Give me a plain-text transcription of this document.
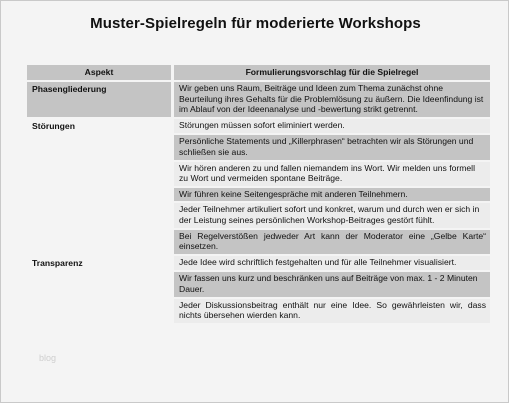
Muster-Spielregeln für moderierte Workshops
blog
Aspekt	Formulierungsvorschlag für die Spielregel
Phasengliederung	Wir geben uns Raum, Beiträge und Ideen zum Thema zunächst ohne Beurteilung ihres Gehalts für die Problemlösung zu äußern. Die Ideenfindung ist im Ablauf von der Ideenanalyse und -bewertung strikt getrennt.
Störungen	Störungen müssen sofort eliminiert werden.
	Persönliche Statements und „Killerphrasen“ betrachten wir als Störungen und schließen sie aus.
	Wir hören anderen zu und fallen niemandem ins Wort. Wir melden uns formell zu Wort und vermeiden spontane Beiträge.
	Wir führen keine Seitengespräche mit anderen Teilnehmern.
	Jeder Teilnehmer artikuliert sofort und konkret, warum und durch wen er sich in der Leistung seines persönlichen Workshop-Beitrages gestört fühlt.
	Bei Regelverstößen jedweder Art kann der Moderator eine „Gelbe Karte“ einsetzen.
Transparenz	Jede Idee wird schriftlich festgehalten und für alle Teilnehmer visualisiert.
	Wir fassen uns kurz und beschränken uns auf Beiträge von max. 1 - 2 Minuten Dauer.
	Jeder Diskussionsbeitrag enthält nur eine Idee. So gewährleisten wir, dass nichts übersehen wierden kann.
